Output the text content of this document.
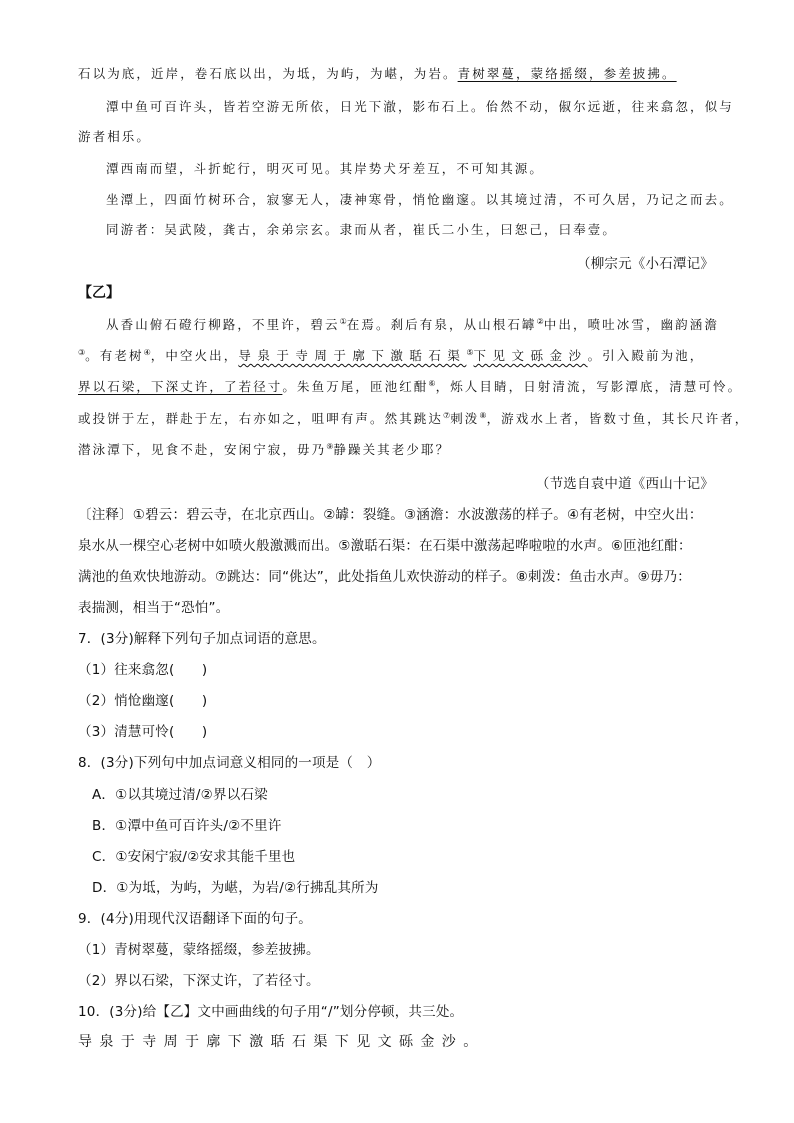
石以为底，近岸，卷石底以出，为坻，为屿，为嵁，为岩。青树翠蔓，蒙络摇缀，参差披拂。
潭中鱼可百许头，皆若空游无所依，日光下澈，影布石上。佁然不动，俶尔远逝，往来翕忽，似与
游者相乐。
潭西南而望，斗折蛇行，明灭可见。其岸势犬牙差互，不可知其源。
坐潭上，四面竹树环合，寂寥无人，凄神寒骨，悄怆幽邃。以其境过清，不可久居，乃记之而去。
同游者：吴武陵，龚古，余弟宗玄。隶而从者，崔氏二小生，曰恕己，曰奉壹。
（柳宗元《小石潭记》
【乙】
从香山俯石磴行柳路，不里许，碧云①在焉。刹后有泉，从山根石罅②中出，喷吐冰雪，幽韵涵澹
③。有老树④，中空火出，导泉于寺周于廓下激聒石渠⑤下见文砾金沙。引入殿前为池，
界以石梁，下深丈许，了若径寸。朱鱼万尾，匝池红酣⑥，烁人目睛，日射清流，写影潭底，清慧可怜。
或投饼于左，群赴于左，右亦如之，咀呷有声。然其跳达⑦刺泼⑧，游戏水上者，皆数寸鱼，其长尺许者，
潜泳潭下，见食不赴，安闲宁寂，毋乃⑨静躁关其老少耶？
（节选自袁中道《西山十记》
〔注释〕①碧云：碧云寺，在北京西山。②罅：裂缝。③涵澹：水波激荡的样子。④有老树，中空火出：
泉水从一棵空心老树中如喷火般激溅而出。⑤激聒石渠：在石渠中激荡起哗啦啦的水声。⑥匝池红酣：
满池的鱼欢快地游动。⑦跳达：同“佻达”，此处指鱼儿欢快游动的样子。⑧刺泼：鱼击水声。⑨毋乃：
表揣测，相当于“恐怕”。
7．(3分)解释下列句子加点词语的意思。
（1）往来翕忽(　　)
（2）悄怆幽邃(　　)
（3）清慧可怜(　　)
8．(3分)下列句中加点词意义相同的一项是（　）
A．①以其境过清/②界以石梁
B．①潭中鱼可百许头/②不里许
C．①安闲宁寂/②安求其能千里也
D．①为坻，为屿，为嵁，为岩/②行拂乱其所为
9．(4分)用现代汉语翻译下面的句子。
（1）青树翠蔓，蒙络摇缀，参差披拂。
（2）界以石梁，下深丈许，了若径寸。
10．(3分)给【乙】文中画曲线的句子用“/”划分停顿，共三处。
导泉于寺周于廓下激聒石渠下见文砾金沙。
